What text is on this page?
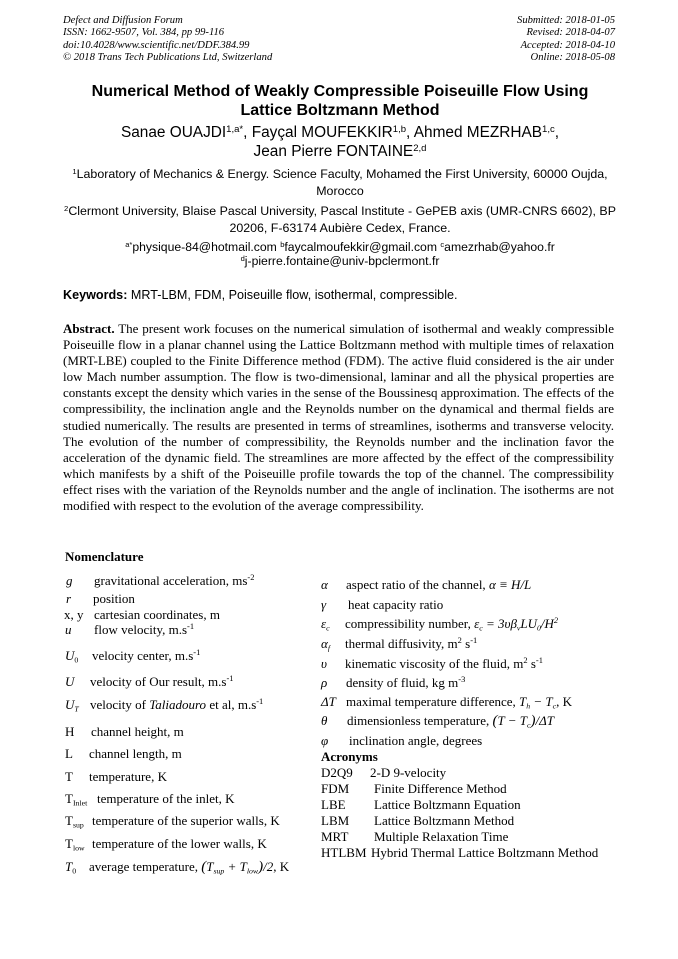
Defect and Diffusion Forum
ISSN: 1662-9507, Vol. 384, pp 99-116
doi:10.4028/www.scientific.net/DDF.384.99
© 2018 Trans Tech Publications Ltd, Switzerland
Submitted: 2018-01-05
Revised: 2018-04-07
Accepted: 2018-04-10
Online: 2018-05-08
Numerical Method of Weakly Compressible Poiseuille Flow Using
Lattice Boltzmann Method
Sanae $OUAJDI^{1,a*}$, Fayçal MOUFEKKIR$^{1,b}$, Ahmed MEZRHAB$^{1,c}$,
Jean Pierre FONTAINE$^{2,d}$
$^1$Laboratory of Mechanics & Energy. Science Faculty, Mohamed the First University, 60000 Oujda, Morocco
$^2$Clermont University, Blaise Pascal University, Pascal Institute - GePEB axis (UMR-CNRS 6602), BP 20206, F-63174 Aubière Cedex, France.
$^{a*}$physique-84@hotmail.com $^b$faycalmoufekkir@gmail.com $^c$amezrhab@yahoo.fr
$^d$j-pierre.fontaine@univ-bpclermont.fr
Keywords: MRT-LBM, FDM, Poiseuille flow, isothermal, compressible.
Abstract. The present work focuses on the numerical simulation of isothermal and weakly compressible Poiseuille flow in a planar channel using the Lattice Boltzmann method with multiple times of relaxation (MRT-LBE) coupled to the Finite Difference method (FDM). The active fluid considered is the air under low Mach number assumption. The flow is two-dimensional, laminar and all the physical properties are constants except the density which varies in the sense of the Boussinesq approximation. The effects of the compressibility, the inclination angle and the Reynolds number on the dynamical and thermal fields are studied numerically. The results are presented in terms of streamlines, isotherms and transverse velocity. The evolution of the number of compressibility, the Reynolds number and the inclination favor the acceleration of the dynamic field. The streamlines are more affected by the effect of the compressibility which manifests by a shift of the Poiseuille profile towards the top of the channel. The compressibility effect rises with the variation of the Reynolds number and the angle of inclination. The isotherms are not modified with respect to the evolution of the average compressibility.
Nomenclature
g gravitational acceleration, $ms^{-2}$
r position
x, y cartesian coordinates, m
u flow velocity, $m.s^{-1}$
$U_0$ velocity center, $m.s^{-1}$
U velocity of Our result, $m.s^{-1}$
$U_T$ velocity of Taliadouro et al, $m.s^{-1}$
H channel height, m
L channel length, m
T temperature, K
$T_{Inlet}$ temperature of the inlet, K
$T_{sup}$ temperature of the superior walls, K
$T_{low}$ temperature of the lower walls, K
$T_0$ average temperature, $(T_{sup} + T_{low})/2$, K
α aspect ratio of the channel, α ≡ H/L
γ heat capacity ratio
$\varepsilon_c$ compressibility number, $\varepsilon_c = 3\upsilon\beta_vLU_0/H^2$
$\alpha_f$ thermal diffusivity, $m^2$ $s^{-1}$
υ kinematic viscosity of the fluid, $m^2$ $s^{-1}$
ρ density of fluid, kg $m^{-3}$
ΔT maximal temperature difference, $T_h - T_c$, K
θ dimensionless temperature, $(T - T_c)/\Delta T$
φ inclination angle, degrees
Acronyms
D2Q9 2-D 9-velocity
FDM Finite Difference Method
LBE Lattice Boltzmann Equation
LBM Lattice Boltzmann Method
MRT Multiple Relaxation Time
HTLBM Hybrid Thermal Lattice Boltzmann Method
